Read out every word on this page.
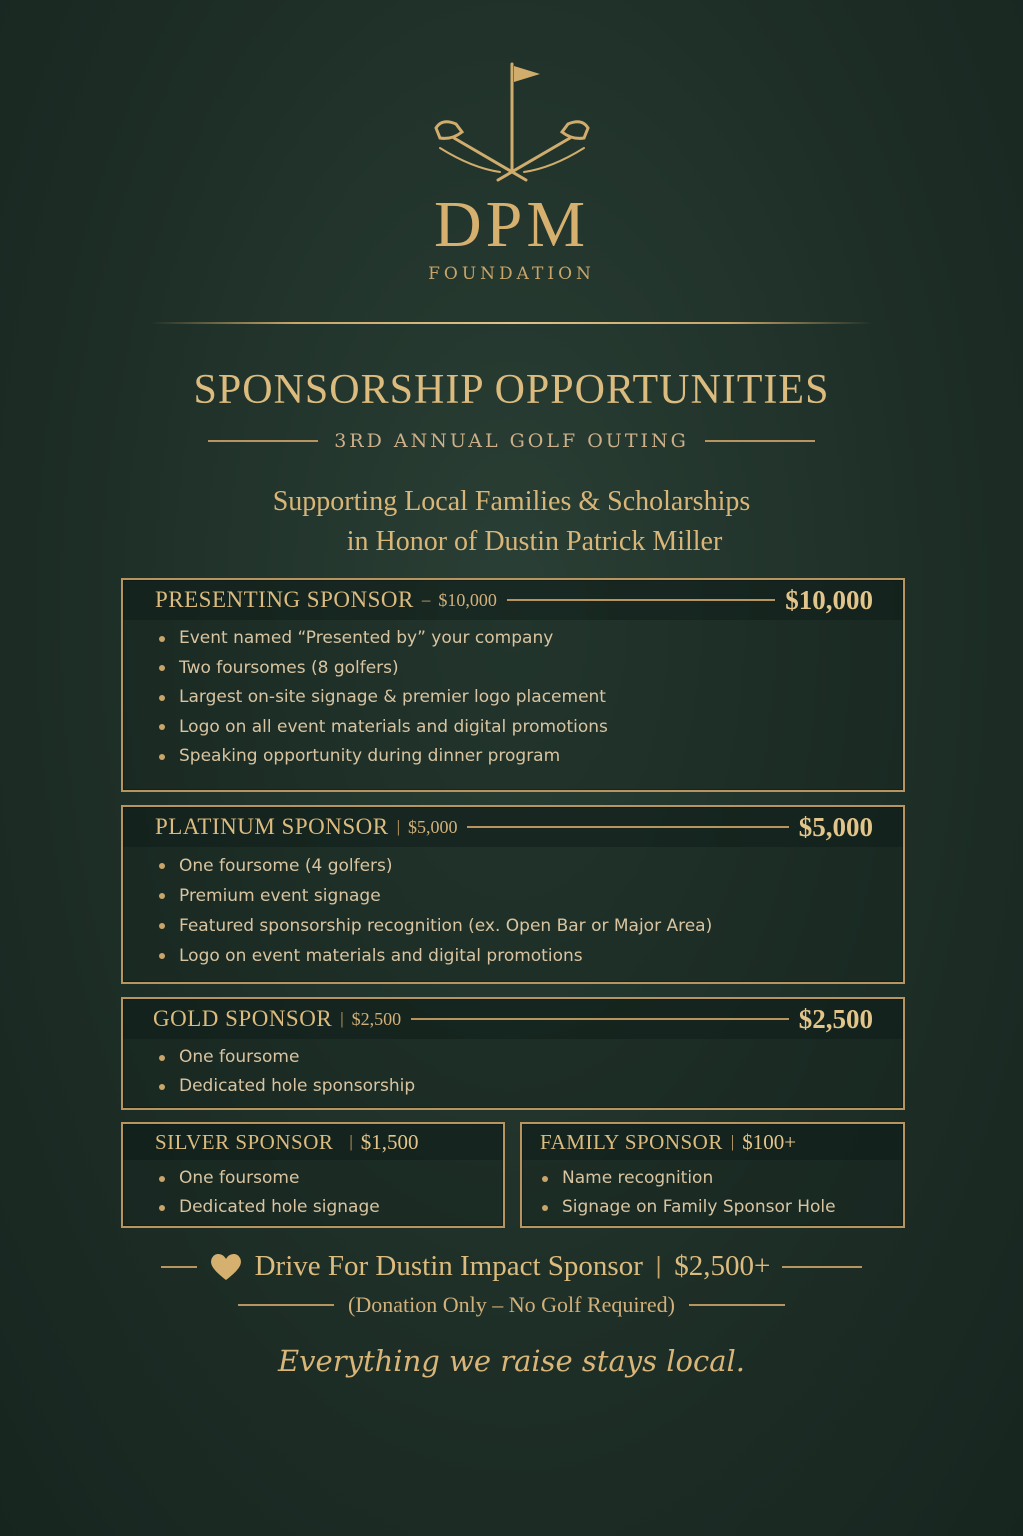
DPM
FOUNDATION
SPONSORSHIP OPPORTUNITIES
3RD ANNUAL GOLF OUTING
Supporting Local Families & Scholarships
in Honor of Dustin Patrick Miller
PRESENTING SPONSOR – $10,000	$10,000
Event named “Presented by” your company
Two foursomes (8 golfers)
Largest on-site signage & premier logo placement
Logo on all event materials and digital promotions
Speaking opportunity during dinner program
PLATINUM SPONSOR | $5,000	$5,000
One foursome (4 golfers)
Premium event signage
Featured sponsorship recognition (ex. Open Bar or Major Area)
Logo on event materials and digital promotions
GOLD SPONSOR | $2,500	$2,500
One foursome
Dedicated hole sponsorship
SILVER SPONSOR | $1,500
One foursome
Dedicated hole signage
FAMILY SPONSOR | $100+
Name recognition
Signage on Family Sponsor Hole
Drive For Dustin Impact Sponsor | $2,500+
(Donation Only – No Golf Required)
Everything we raise stays local.
